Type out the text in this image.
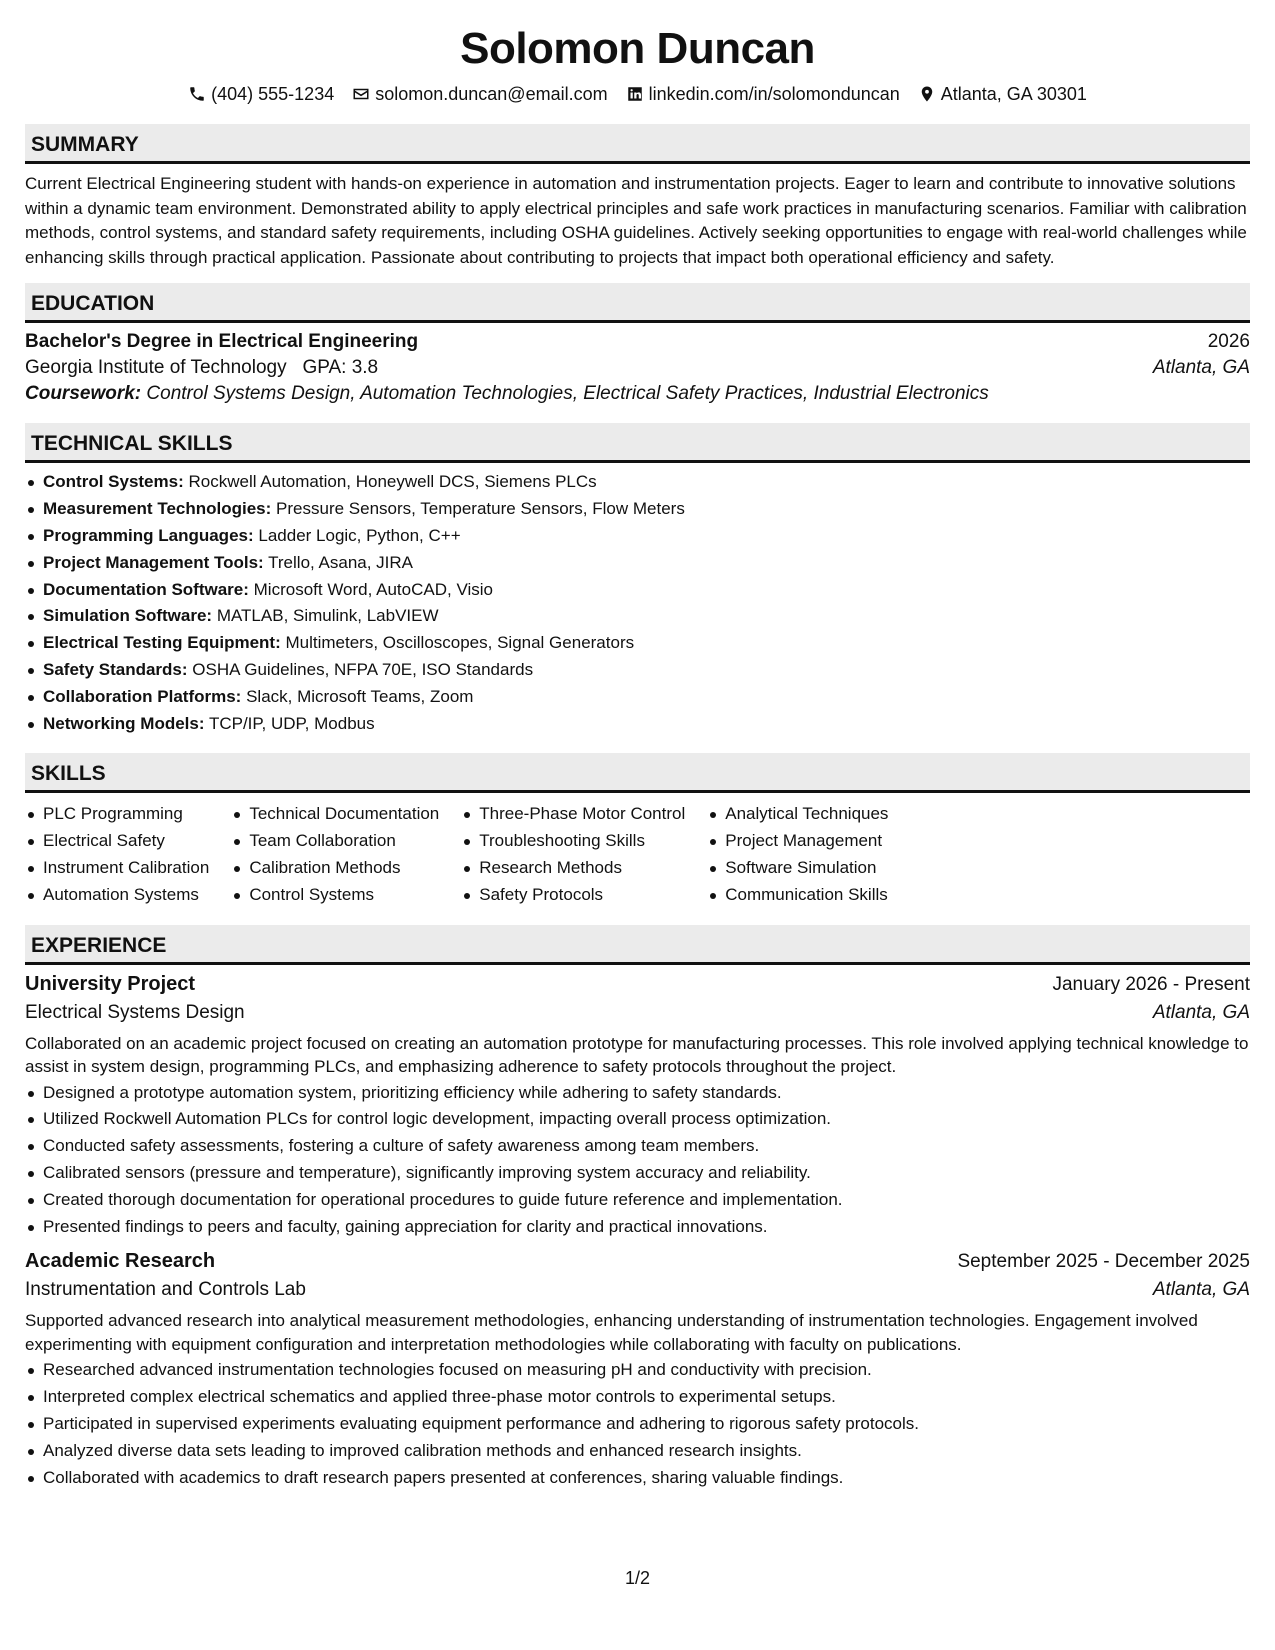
Solomon Duncan
(404) 555-1234 solomon.duncan@email.com linkedin.com/in/solomonduncan Atlanta, GA 30301
SUMMARY

Current Electrical Engineering student with hands-on experience in automation and instrumentation projects. Eager to learn and contribute to innovative solutions within a dynamic team environment. Demonstrated ability to apply electrical principles and safe work practices in manufacturing scenarios. Familiar with calibration methods, control systems, and standard safety requirements, including OSHA guidelines. Actively seeking opportunities to engage with real-world challenges while enhancing skills through practical application. Passionate about contributing to projects that impact both operational efficiency and safety.

EDUCATION
Bachelor's Degree in Electrical Engineering	2026
Georgia Institute of Technology GPA: 3.8	Atlanta, GA
Coursework: Control Systems Design, Automation Technologies, Electrical Safety Practices, Industrial Electronics
TECHNICAL SKILLS
Control Systems: Rockwell Automation, Honeywell DCS, Siemens PLCs
Measurement Technologies: Pressure Sensors, Temperature Sensors, Flow Meters
Programming Languages: Ladder Logic, Python, C++
Project Management Tools: Trello, Asana, JIRA
Documentation Software: Microsoft Word, AutoCAD, Visio
Simulation Software: MATLAB, Simulink, LabVIEW
Electrical Testing Equipment: Multimeters, Oscilloscopes, Signal Generators
Safety Standards: OSHA Guidelines, NFPA 70E, ISO Standards
Collaboration Platforms: Slack, Microsoft Teams, Zoom
Networking Models: TCP/IP, UDP, Modbus
SKILLS
PLC Programming
Electrical Safety
Instrument Calibration
Automation Systems
Technical Documentation
Team Collaboration
Calibration Methods
Control Systems
Three-Phase Motor Control
Troubleshooting Skills
Research Methods
Safety Protocols
Analytical Techniques
Project Management
Software Simulation
Communication Skills
EXPERIENCE
University Project	January 2026 - Present
Electrical Systems Design	Atlanta, GA

Collaborated on an academic project focused on creating an automation prototype for manufacturing processes. This role involved applying technical knowledge to assist in system design, programming PLCs, and emphasizing adherence to safety protocols throughout the project.

Designed a prototype automation system, prioritizing efficiency while adhering to safety standards.
Utilized Rockwell Automation PLCs for control logic development, impacting overall process optimization.
Conducted safety assessments, fostering a culture of safety awareness among team members.
Calibrated sensors (pressure and temperature), significantly improving system accuracy and reliability.
Created thorough documentation for operational procedures to guide future reference and implementation.
Presented findings to peers and faculty, gaining appreciation for clarity and practical innovations.
Academic Research	September 2025 - December 2025
Instrumentation and Controls Lab	Atlanta, GA

Supported advanced research into analytical measurement methodologies, enhancing understanding of instrumentation technologies. Engagement involved experimenting with equipment configuration and interpretation methodologies while collaborating with faculty on publications.

Researched advanced instrumentation technologies focused on measuring pH and conductivity with precision.
Interpreted complex electrical schematics and applied three-phase motor controls to experimental setups.
Participated in supervised experiments evaluating equipment performance and adhering to rigorous safety protocols.
Analyzed diverse data sets leading to improved calibration methods and enhanced research insights.
Collaborated with academics to draft research papers presented at conferences, sharing valuable findings.
1/2
